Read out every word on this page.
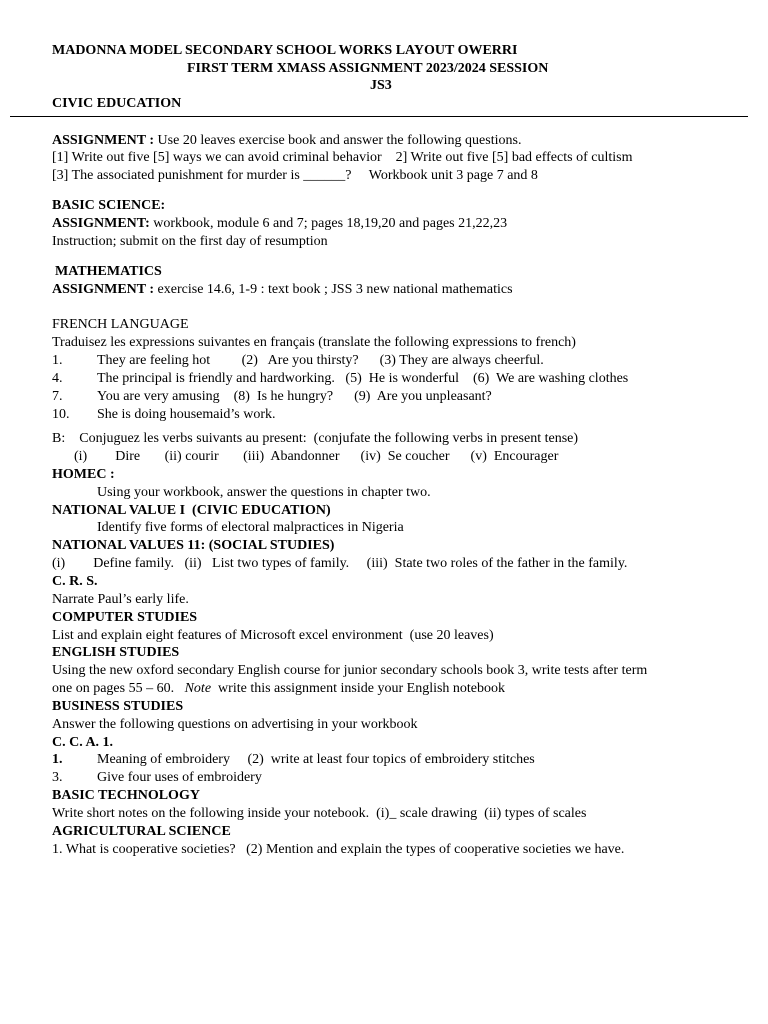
MADONNA MODEL SECONDARY SCHOOL WORKS LAYOUT OWERRI
FIRST TERM XMASS ASSIGNMENT 2023/2024 SESSION
JS3
CIVIC EDUCATION
ASSIGNMENT : Use 20 leaves exercise book and answer the following questions.
[1] Write out five [5] ways we can avoid criminal behavior    2] Write out five [5] bad effects of cultism
[3] The associated punishment for murder is ______?     Workbook unit 3 page 7 and 8
BASIC SCIENCE:
ASSIGNMENT: workbook, module 6 and 7; pages 18,19,20 and pages 21,22,23
Instruction; submit on the first day of resumption
MATHEMATICS
ASSIGNMENT : exercise 14.6, 1-9 : text book ; JSS 3 new national mathematics
FRENCH LANGUAGE
Traduisez les expressions suivantes en français (translate the following expressions to french)
1. They are feeling hot         (2)   Are you thirsty?      (3) They are always cheerful.
4. The principal is friendly and hardworking.   (5)  He is wonderful    (6)  We are washing clothes
7. You are very amusing    (8)  Is he hungry?      (9)  Are you unpleasant?
10. She is doing housemaid’s work.
B:    Conjuguez les verbs suivants au present:  (conjufate the following verbs in present tense)
(i)        Dire       (ii) courir       (iii)  Abandonner      (iv)  Se coucher      (v)  Encourager
HOMEC :
Using your workbook, answer the questions in chapter two.
NATIONAL VALUE I  (CIVIC EDUCATION)
Identify five forms of electoral malpractices in Nigeria
NATIONAL VALUES 11: (SOCIAL STUDIES)
(i)        Define family.   (ii)   List two types of family.     (iii)  State two roles of the father in the family.
C. R. S.
Narrate Paul’s early life.
COMPUTER STUDIES
List and explain eight features of Microsoft excel environment  (use 20 leaves)
ENGLISH STUDIES
Using the new oxford secondary English course for junior secondary schools book 3, write tests after term
one on pages 55 – 60.   Note  write this assignment inside your English notebook
BUSINESS STUDIES
Answer the following questions on advertising in your workbook
C. C. A. 1.
1. Meaning of embroidery     (2)  write at least four topics of embroidery stitches
3. Give four uses of embroidery
BASIC TECHNOLOGY
Write short notes on the following inside your notebook.  (i)_ scale drawing  (ii) types of scales
AGRICULTURAL SCIENCE
1. What is cooperative societies?   (2) Mention and explain the types of cooperative societies we have.
